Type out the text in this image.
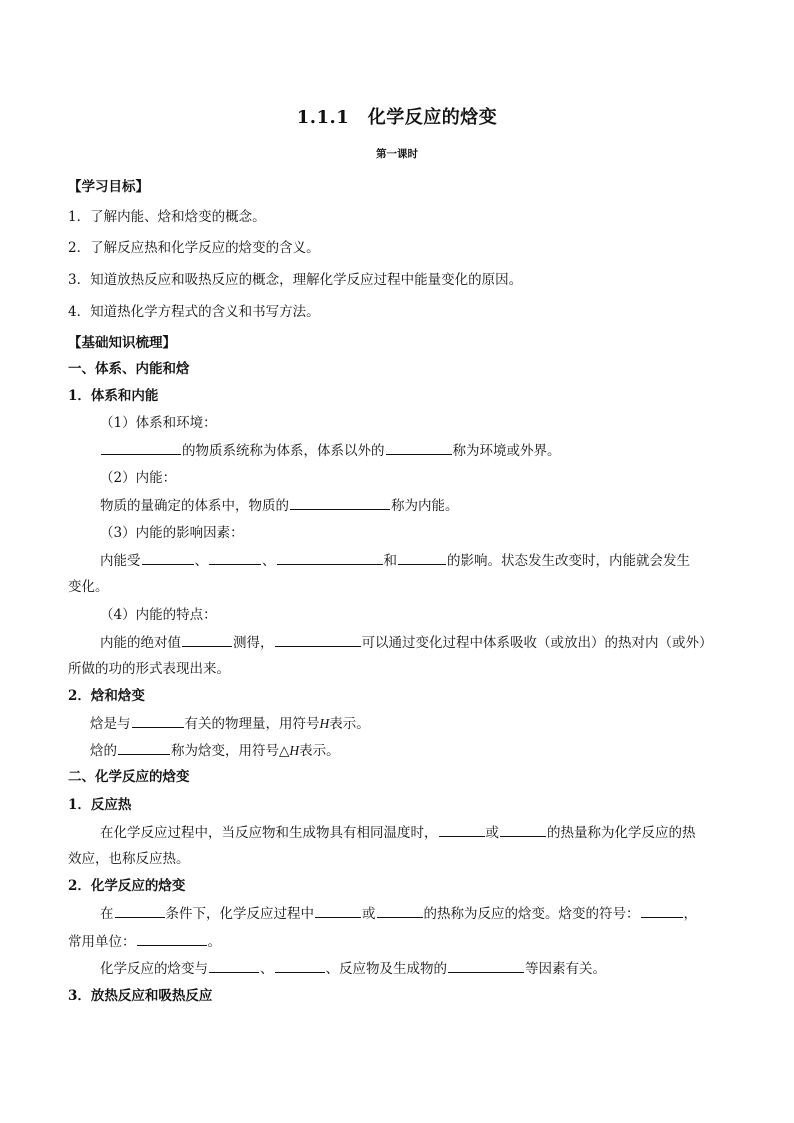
1.1.1　化学反应的焓变
第一课时
【学习目标】
1．了解内能、焓和焓变的概念。
2．了解反应热和化学反应的焓变的含义。
3．知道放热反应和吸热反应的概念，理解化学反应过程中能量变化的原因。
4．知道热化学方程式的含义和书写方法。
【基础知识梳理】
一、体系、内能和焓
1．体系和内能
（1）体系和环境：
的物质系统称为体系，体系以外的	称为环境或外界。
（2）内能：
物质的量确定的体系中，物质的	称为内能。
（3）内能的影响因素：
内能受	、	、	和	的影响。状态发生改变时，内能就会发生
变化。
（4）内能的特点：
内能的绝对值	测得，	可以通过变化过程中体系吸收（或放出）的热对内（或外）
所做的功的形式表现出来。
2．焓和焓变
焓是与	有关的物理量，用符号H表示。
焓的	称为焓变，用符号△H表示。
二、化学反应的焓变
1．反应热
在化学反应过程中，当反应物和生成物具有相同温度时，	或	的热量称为化学反应的热
效应，也称反应热。
2．化学反应的焓变
在	条件下，化学反应过程中	或	的热称为反应的焓变。焓变的符号：	，
常用单位：	。
化学反应的焓变与	、	、反应物及生成物的	等因素有关。
3．放热反应和吸热反应
